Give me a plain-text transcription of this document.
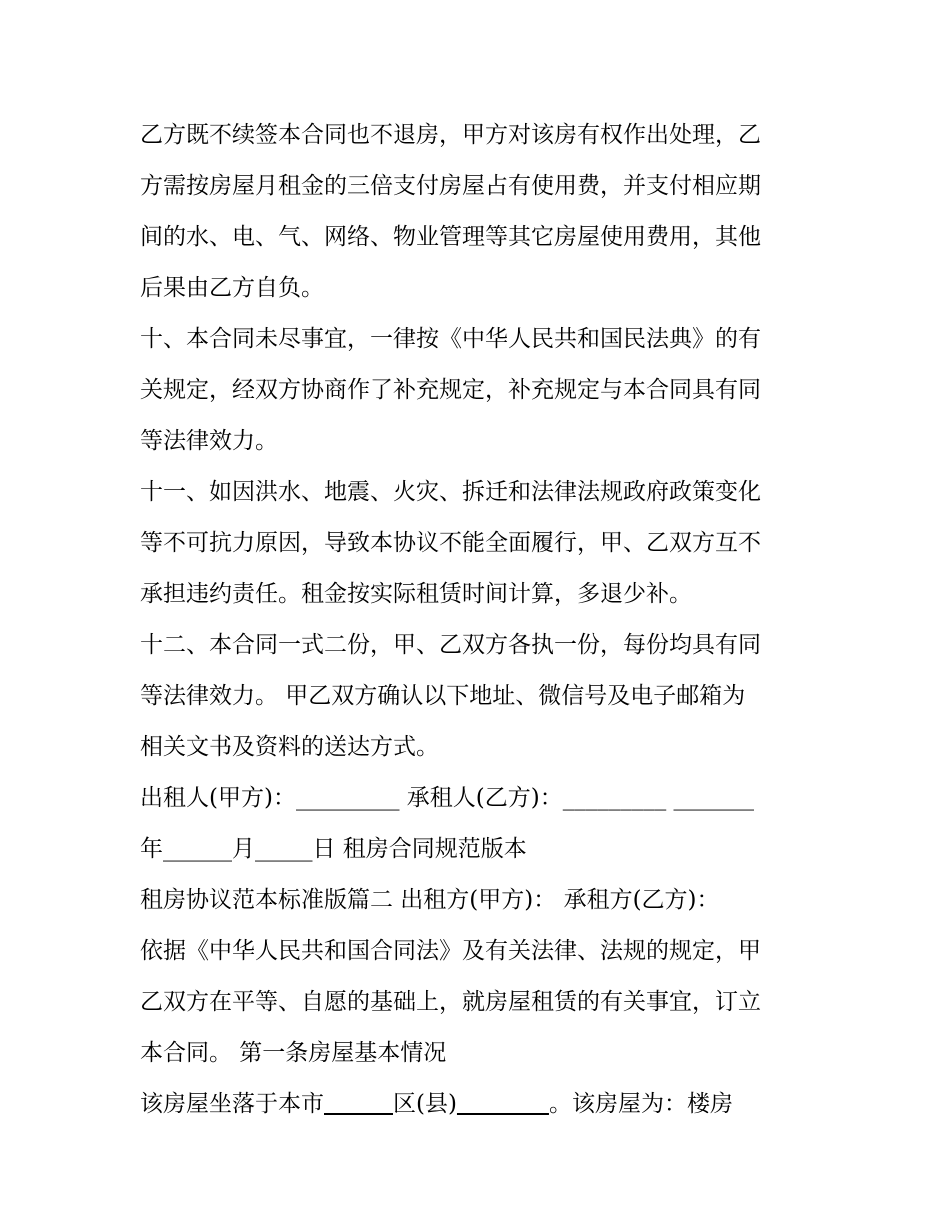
乙方既不续签本合同也不退房，甲方对该房有权作出处理，乙
方需按房屋月租金的三倍支付房屋占有使用费，并支付相应期
间的水、电、气、网络、物业管理等其它房屋使用费用，其他
后果由乙方自负。
十、本合同未尽事宜，一律按《中华人民共和国民法典》的有
关规定，经双方协商作了补充规定，补充规定与本合同具有同
等法律效力。
十一、如因洪水、地震、火灾、拆迁和法律法规政府政策变化
等不可抗力原因，导致本协议不能全面履行，甲、乙双方互不
承担违约责任。租金按实际租赁时间计算，多退少补。
十二、本合同一式二份，甲、乙双方各执一份，每份均具有同
等法律效力。 甲乙双方确认以下地址、微信号及电子邮箱为
相关文书及资料的送达方式。
出租人(甲方)：_________ 承租人(乙方)：_________ _______
年______月_____日 租房合同规范版本
租房协议范本标准版篇二 出租方(甲方)： 承租方(乙方)：
依据《中华人民共和国合同法》及有关法律、法规的规定，甲
乙双方在平等、自愿的基础上，就房屋租赁的有关事宜，订立
本合同。 第一条房屋基本情况
该房屋坐落于本市　　　	区(县)　　　　	。该房屋为：楼房
